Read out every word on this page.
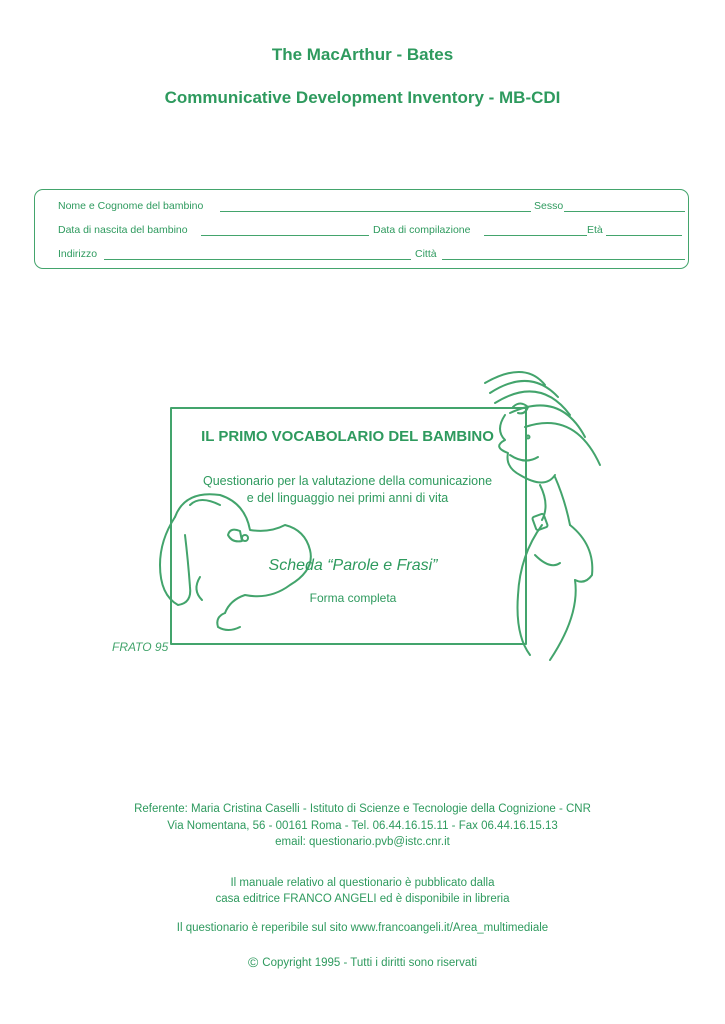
The MacArthur - Bates
Communicative Development Inventory - MB-CDI
Nome e Cognome del bambino	Sesso
Data di nascita del bambino	Data di compilazione	Età
Indirizzo	Città
FRATO 95
IL PRIMO VOCABOLARIO DEL BAMBINO
Questionario per la valutazione della comunicazione
e del linguaggio nei primi anni di vita
Scheda “Parole e Frasi”
Forma completa
Referente: Maria Cristina Caselli - Istituto di Scienze e Tecnologie della Cognizione - CNR
Via Nomentana, 56 - 00161 Roma - Tel. 06.44.16.15.11 - Fax 06.44.16.15.13
email: questionario.pvb@istc.cnr.it
Il manuale relativo al questionario è pubblicato dalla
casa editrice FRANCO ANGELI ed è disponibile in libreria
Il questionario è reperibile sul sito www.francoangeli.it/Area_multimediale
© Copyright 1995 - Tutti i diritti sono riservati
